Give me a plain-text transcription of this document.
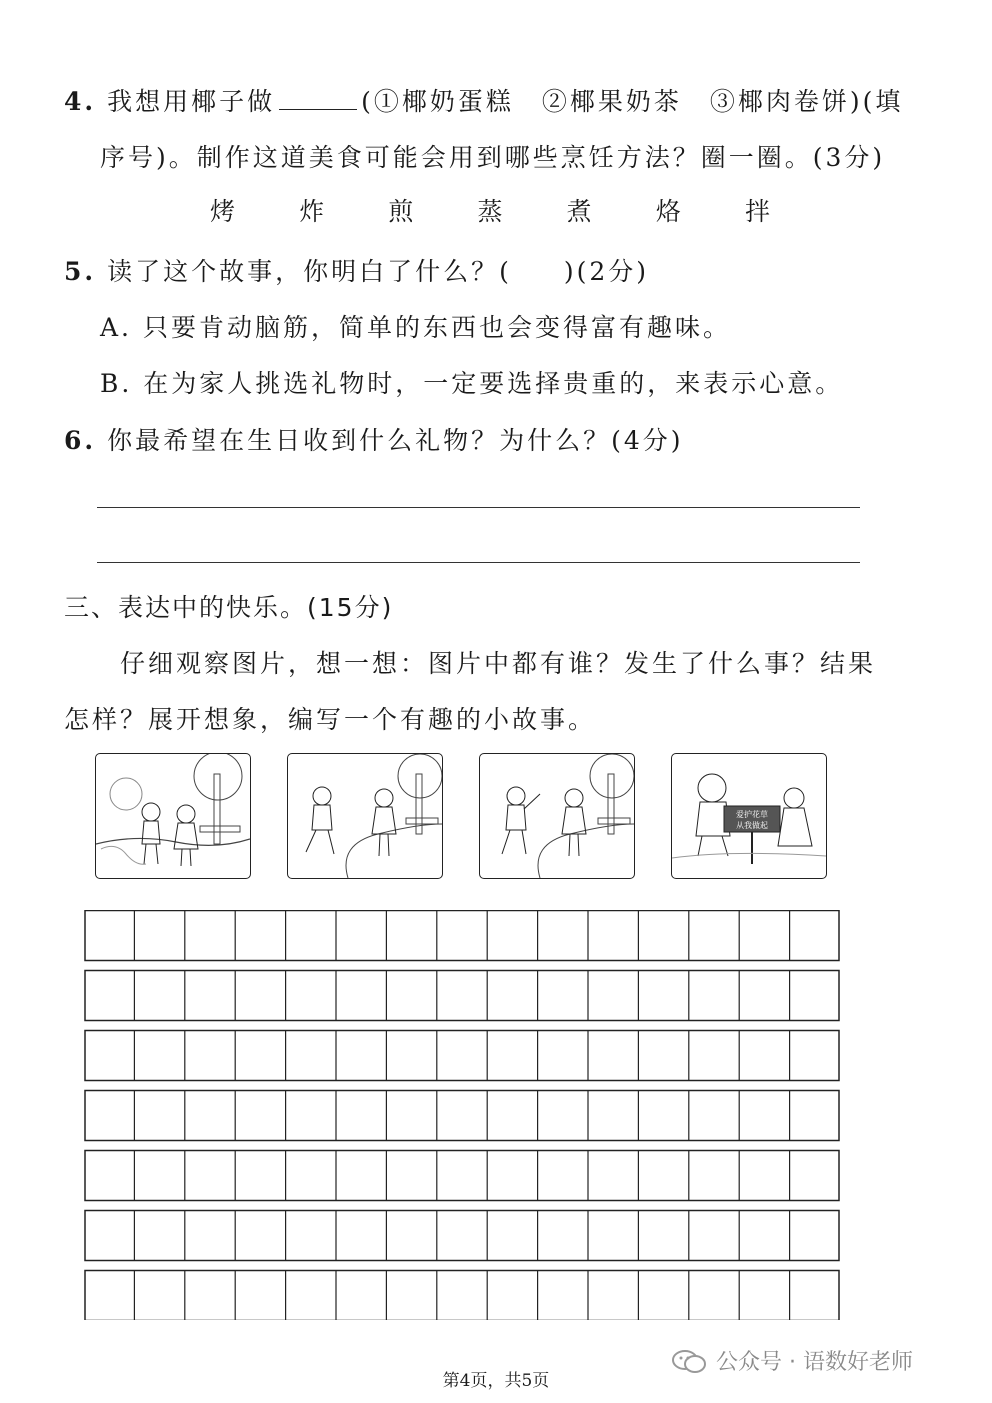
4. 我想用椰子做	(①椰奶蛋糕　②椰果奶茶　③椰肉卷饼)(填
序号)。制作这道美食可能会用到哪些烹饪方法？圈一圈。(3分)
烤	炸	煎	蒸	煮	烙	拌
5. 读了这个故事，你明白了什么？( )(2分)
A. 只要肯动脑筋，简单的东西也会变得富有趣味。
B. 在为家人挑选礼物时，一定要选择贵重的，来表示心意。
6. 你最希望在生日收到什么礼物？为什么？(4分)
三、表达中的快乐。(15分)
仔细观察图片，想一想：图片中都有谁？发生了什么事？结果
怎样？展开想象，编写一个有趣的小故事。
爱护花草
从我做起
第4页，共5页
公众号 · 语数好老师
